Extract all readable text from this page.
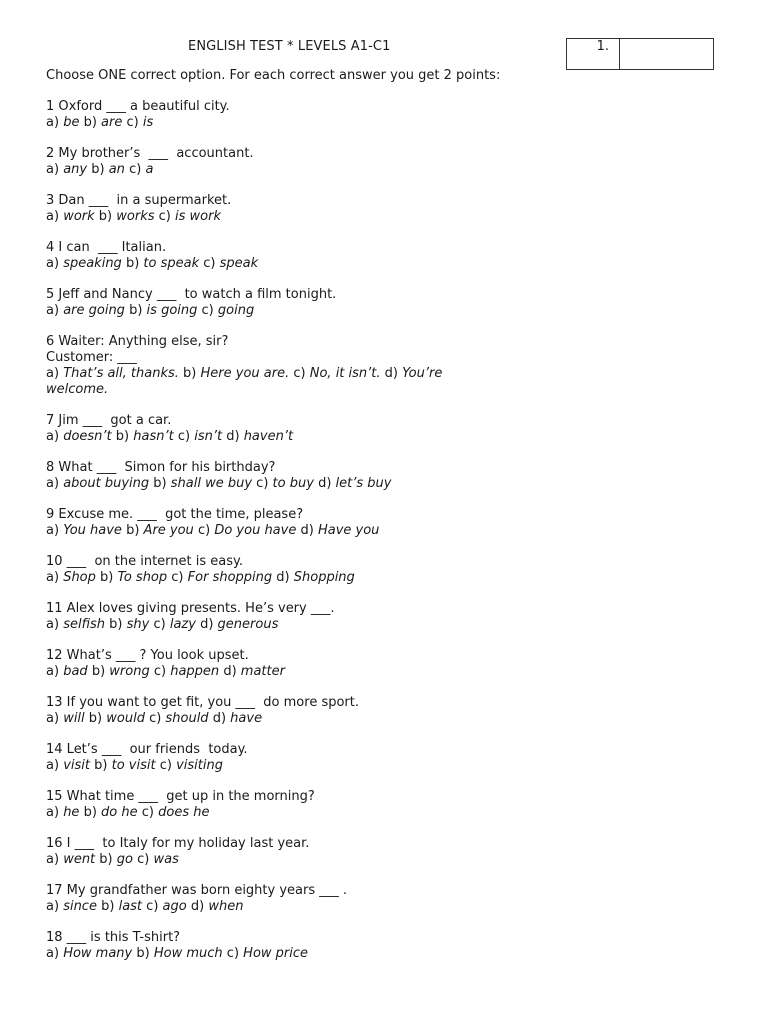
ENGLISH TEST * LEVELS A1-C1	1.
Choose ONE correct option. For each correct answer you get 2 points:
1 Oxford ___ a beautiful city.
a) be b) are c) is
2 My brother’s  ___  accountant.
a) any b) an c) a
3 Dan ___  in a supermarket.
a) work b) works c) is work
4 I can  ___ Italian.
a) speaking b) to speak c) speak
5 Jeff and Nancy ___  to watch a film tonight.
a) are going b) is going c) going
6 Waiter: Anything else, sir?
Customer: ___
a) That’s all, thanks. b) Here you are. c) No, it isn’t. d) You’re welcome.
7 Jim ___  got a car.
a) doesn’t b) hasn’t c) isn’t d) haven’t
8 What ___  Simon for his birthday?
a) about buying b) shall we buy c) to buy d) let’s buy
9 Excuse me. ___  got the time, please?
a) You have b) Are you c) Do you have d) Have you
10 ___  on the internet is easy.
a) Shop b) To shop c) For shopping d) Shopping
11 Alex loves giving presents. He’s very ___.
a) selfish b) shy c) lazy d) generous
12 What’s ___ ? You look upset.
a) bad b) wrong c) happen d) matter
13 If you want to get fit, you ___  do more sport.
a) will b) would c) should d) have
14 Let’s ___  our friends  today.
a) visit b) to visit c) visiting
15 What time ___  get up in the morning?
a) he b) do he c) does he
16 I ___  to Italy for my holiday last year.
a) went b) go c) was
17 My grandfather was born eighty years ___ .
a) since b) last c) ago d) when
18 ___ is this T-shirt?
a) How many b) How much c) How price
